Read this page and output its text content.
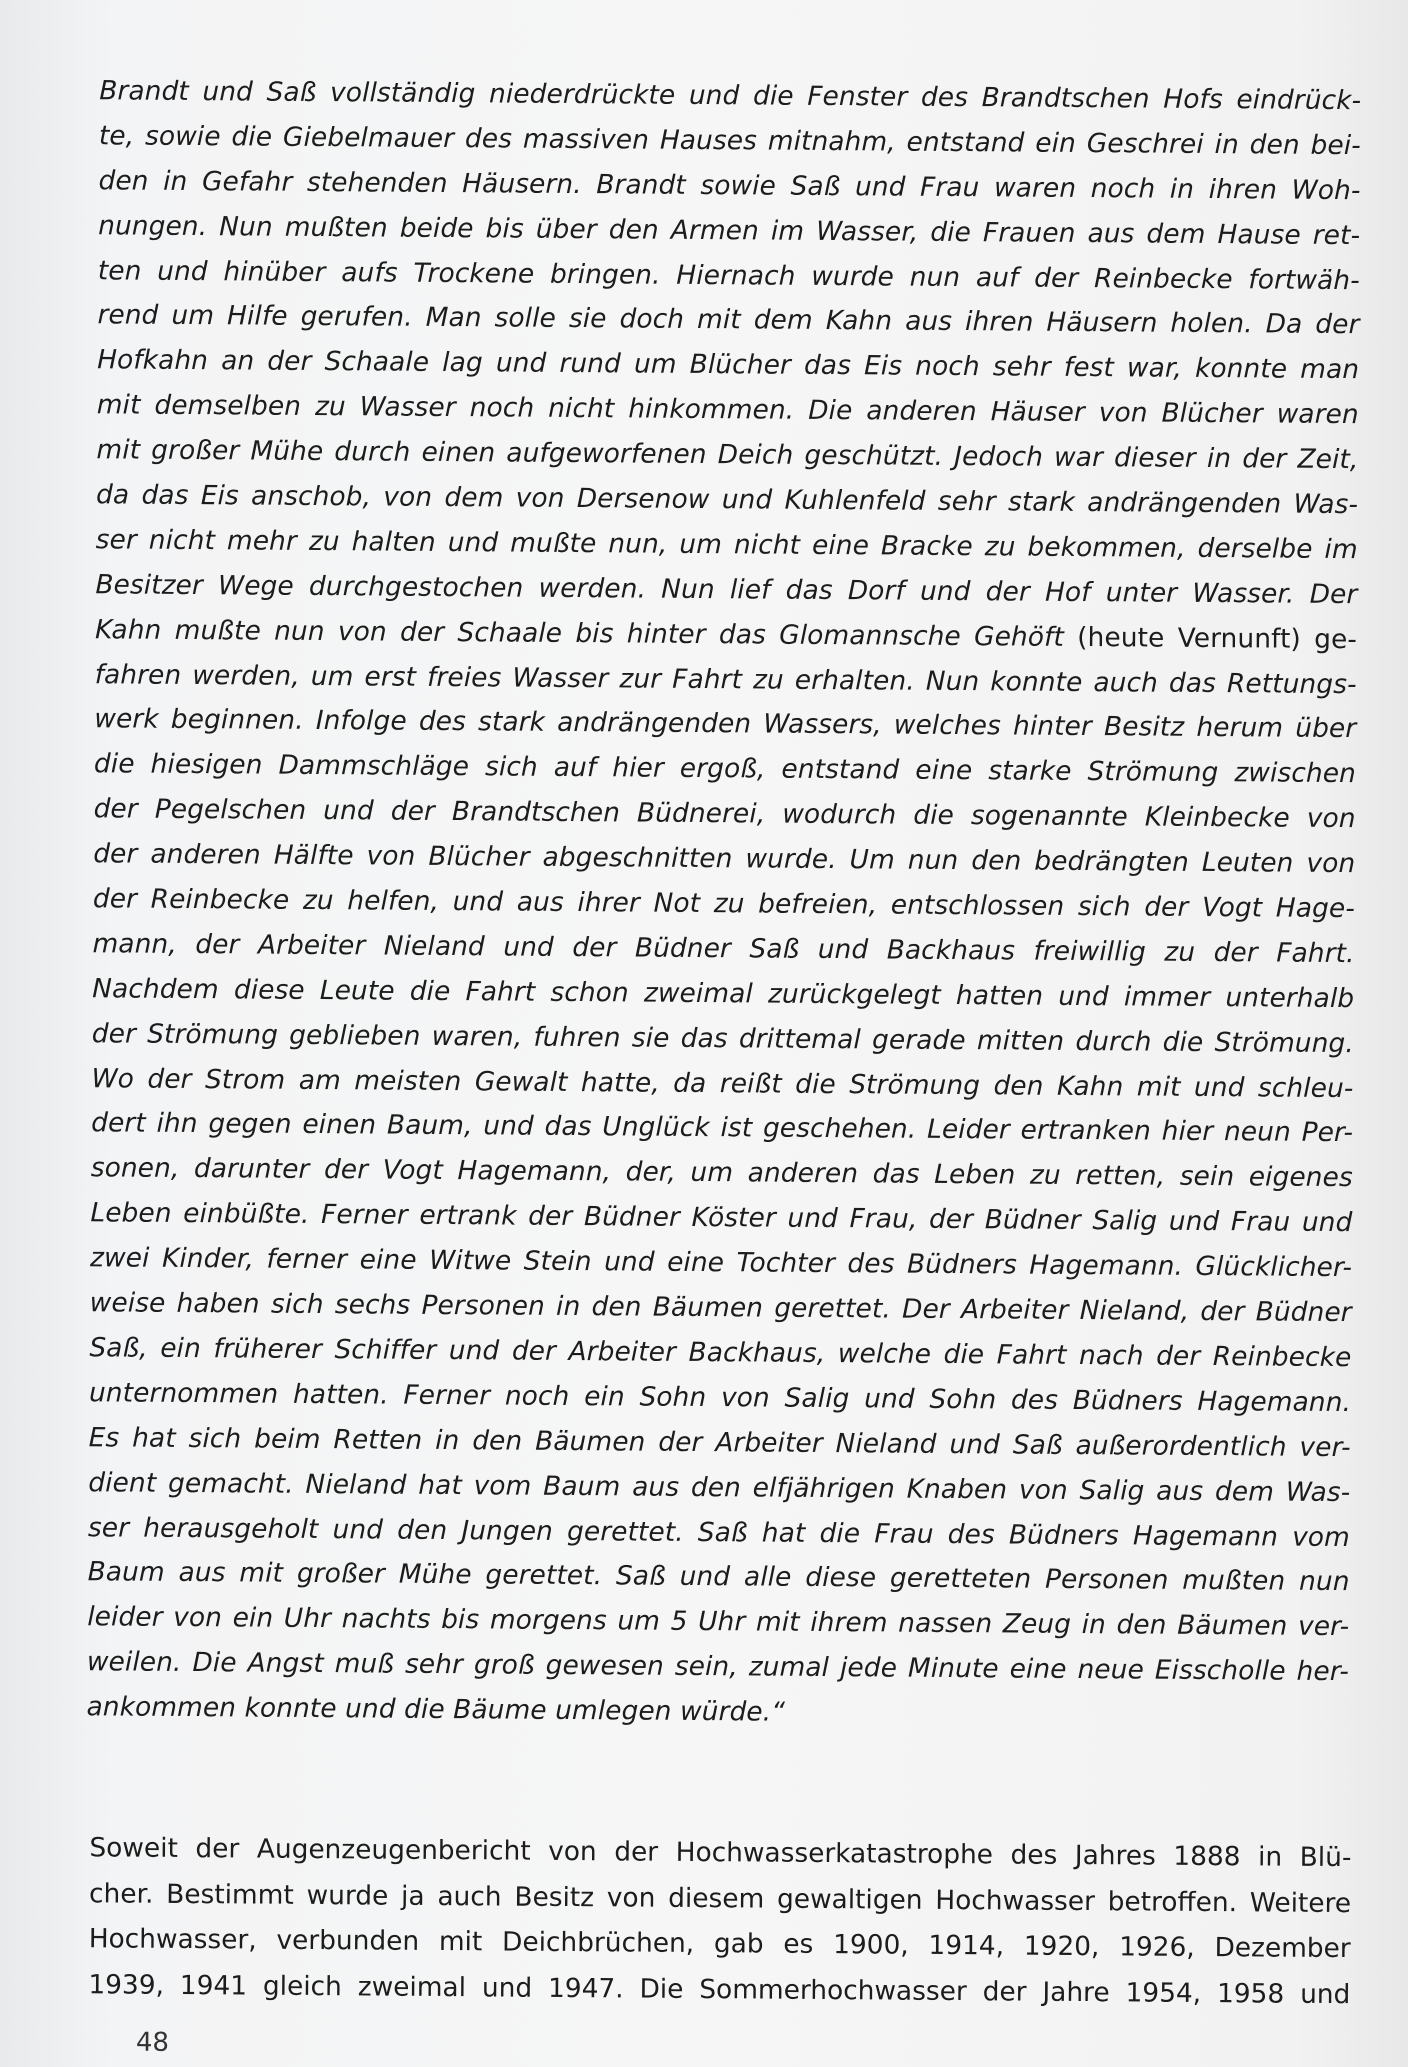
Brandt und Saß vollständig niederdrückte und die Fenster des Brandtschen Hofs eindrück-
te, sowie die Giebelmauer des massiven Hauses mitnahm, entstand ein Geschrei in den bei-
den in Gefahr stehenden Häusern. Brandt sowie Saß und Frau waren noch in ihren Woh-
nungen. Nun mußten beide bis über den Armen im Wasser, die Frauen aus dem Hause ret-
ten und hinüber aufs Trockene bringen. Hiernach wurde nun auf der Reinbecke fortwäh-
rend um Hilfe gerufen. Man solle sie doch mit dem Kahn aus ihren Häusern holen. Da der
Hofkahn an der Schaale lag und rund um Blücher das Eis noch sehr fest war, konnte man
mit demselben zu Wasser noch nicht hinkommen. Die anderen Häuser von Blücher waren
mit großer Mühe durch einen aufgeworfenen Deich geschützt. Jedoch war dieser in der Zeit,
da das Eis anschob, von dem von Dersenow und Kuhlenfeld sehr stark andrängenden Was-
ser nicht mehr zu halten und mußte nun, um nicht eine Bracke zu bekommen, derselbe im
Besitzer Wege durchgestochen werden. Nun lief das Dorf und der Hof unter Wasser. Der
Kahn mußte nun von der Schaale bis hinter das Glomannsche Gehöft (heute Vernunft) ge-
fahren werden, um erst freies Wasser zur Fahrt zu erhalten. Nun konnte auch das Rettungs-
werk beginnen. Infolge des stark andrängenden Wassers, welches hinter Besitz herum über
die hiesigen Dammschläge sich auf hier ergoß, entstand eine starke Strömung zwischen
der Pegelschen und der Brandtschen Büdnerei, wodurch die sogenannte Kleinbecke von
der anderen Hälfte von Blücher abgeschnitten wurde. Um nun den bedrängten Leuten von
der Reinbecke zu helfen, und aus ihrer Not zu befreien, entschlossen sich der Vogt Hage-
mann, der Arbeiter Nieland und der Büdner Saß und Backhaus freiwillig zu der Fahrt.
Nachdem diese Leute die Fahrt schon zweimal zurückgelegt hatten und immer unterhalb
der Strömung geblieben waren, fuhren sie das drittemal gerade mitten durch die Strömung.
Wo der Strom am meisten Gewalt hatte, da reißt die Strömung den Kahn mit und schleu-
dert ihn gegen einen Baum, und das Unglück ist geschehen. Leider ertranken hier neun Per-
sonen, darunter der Vogt Hagemann, der, um anderen das Leben zu retten, sein eigenes
Leben einbüßte. Ferner ertrank der Büdner Köster und Frau, der Büdner Salig und Frau und
zwei Kinder, ferner eine Witwe Stein und eine Tochter des Büdners Hagemann. Glücklicher-
weise haben sich sechs Personen in den Bäumen gerettet. Der Arbeiter Nieland, der Büdner
Saß, ein früherer Schiffer und der Arbeiter Backhaus, welche die Fahrt nach der Reinbecke
unternommen hatten. Ferner noch ein Sohn von Salig und Sohn des Büdners Hagemann.
Es hat sich beim Retten in den Bäumen der Arbeiter Nieland und Saß außerordentlich ver-
dient gemacht. Nieland hat vom Baum aus den elfjährigen Knaben von Salig aus dem Was-
ser herausgeholt und den Jungen gerettet. Saß hat die Frau des Büdners Hagemann vom
Baum aus mit großer Mühe gerettet. Saß und alle diese geretteten Personen mußten nun
leider von ein Uhr nachts bis morgens um 5 Uhr mit ihrem nassen Zeug in den Bäumen ver-
weilen. Die Angst muß sehr groß gewesen sein, zumal jede Minute eine neue Eisscholle her-
ankommen konnte und die Bäume umlegen würde.“
Soweit der Augenzeugenbericht von der Hochwasserkatastrophe des Jahres 1888 in Blü-
cher. Bestimmt wurde ja auch Besitz von diesem gewaltigen Hochwasser betroffen. Weitere
Hochwasser, verbunden mit Deichbrüchen, gab es 1900, 1914, 1920, 1926, Dezember
1939, 1941 gleich zweimal und 1947. Die Sommerhochwasser der Jahre 1954, 1958 und
48
